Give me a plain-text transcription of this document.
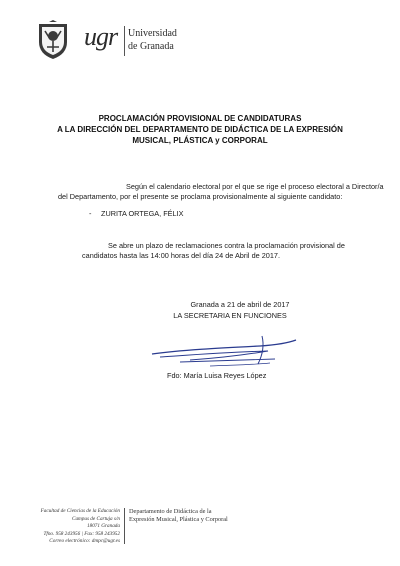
ugr Universidad
de Granada
PROCLAMACIÓN PROVISIONAL DE CANDIDATURAS
A LA DIRECCIÓN DEL DEPARTAMENTO DE DIDÁCTICA DE LA EXPRESIÓN
MUSICAL, PLÁSTICA y CORPORAL
Según el calendario electoral por el que se rige el proceso electoral a Director/a
del Departamento, por el presente se proclama provisionalmente al siguiente candidato:
- ZURITA ORTEGA, FÉLIX
Se abre un plazo de reclamaciones contra la proclamación provisional de
candidatos hasta las 14:00 horas del día 24 de Abril de 2017.
Granada a 21 de abril de 2017
LA SECRETARIA EN FUNCIONES
Fdo: María Luisa Reyes López
Facultad de Ciencias de la Educación
Campus de Cartuja s/n
18071 Granada
Tfno. 958 243956 | Fax: 958 243952
Correo electrónico: dmpc@ugr.es
Departamento de Didáctica de la
Expresión Musical, Plástica y Corporal
